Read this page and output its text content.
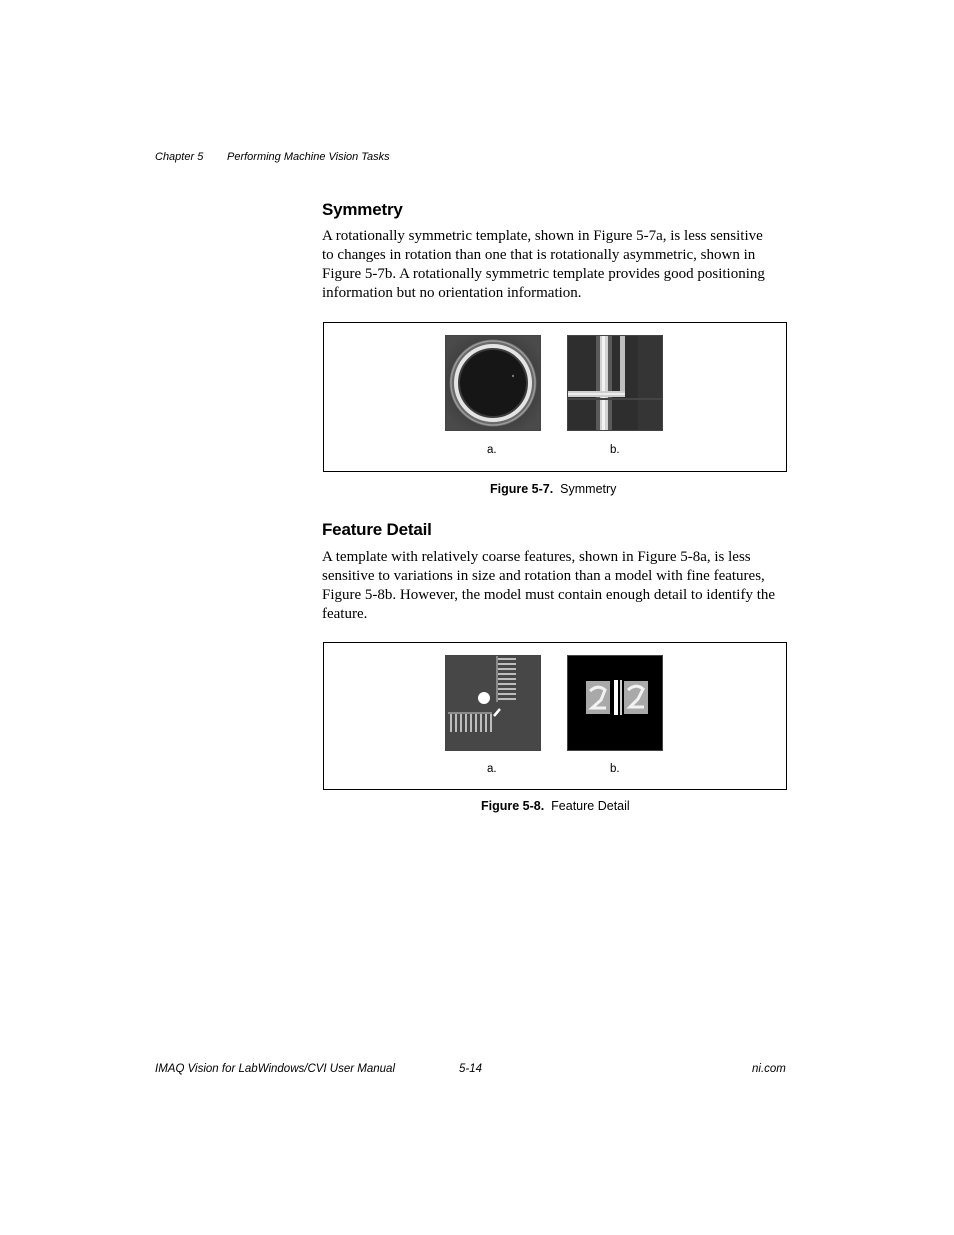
Chapter 5 Performing Machine Vision Tasks
Symmetry
A rotationally symmetric template, shown in Figure 5-7a, is less sensitive
to changes in rotation than one that is rotationally asymmetric, shown in
Figure 5-7b. A rotationally symmetric template provides good positioning
information but no orientation information.
a.	b.
Figure 5-7. Symmetry
Feature Detail
A template with relatively coarse features, shown in Figure 5-8a, is less
sensitive to variations in size and rotation than a model with fine features,
Figure 5-8b. However, the model must contain enough detail to identify the
feature.
a.	b.
Figure 5-8. Feature Detail
IMAQ Vision for LabWindows/CVI User Manual	5-14	ni.com
